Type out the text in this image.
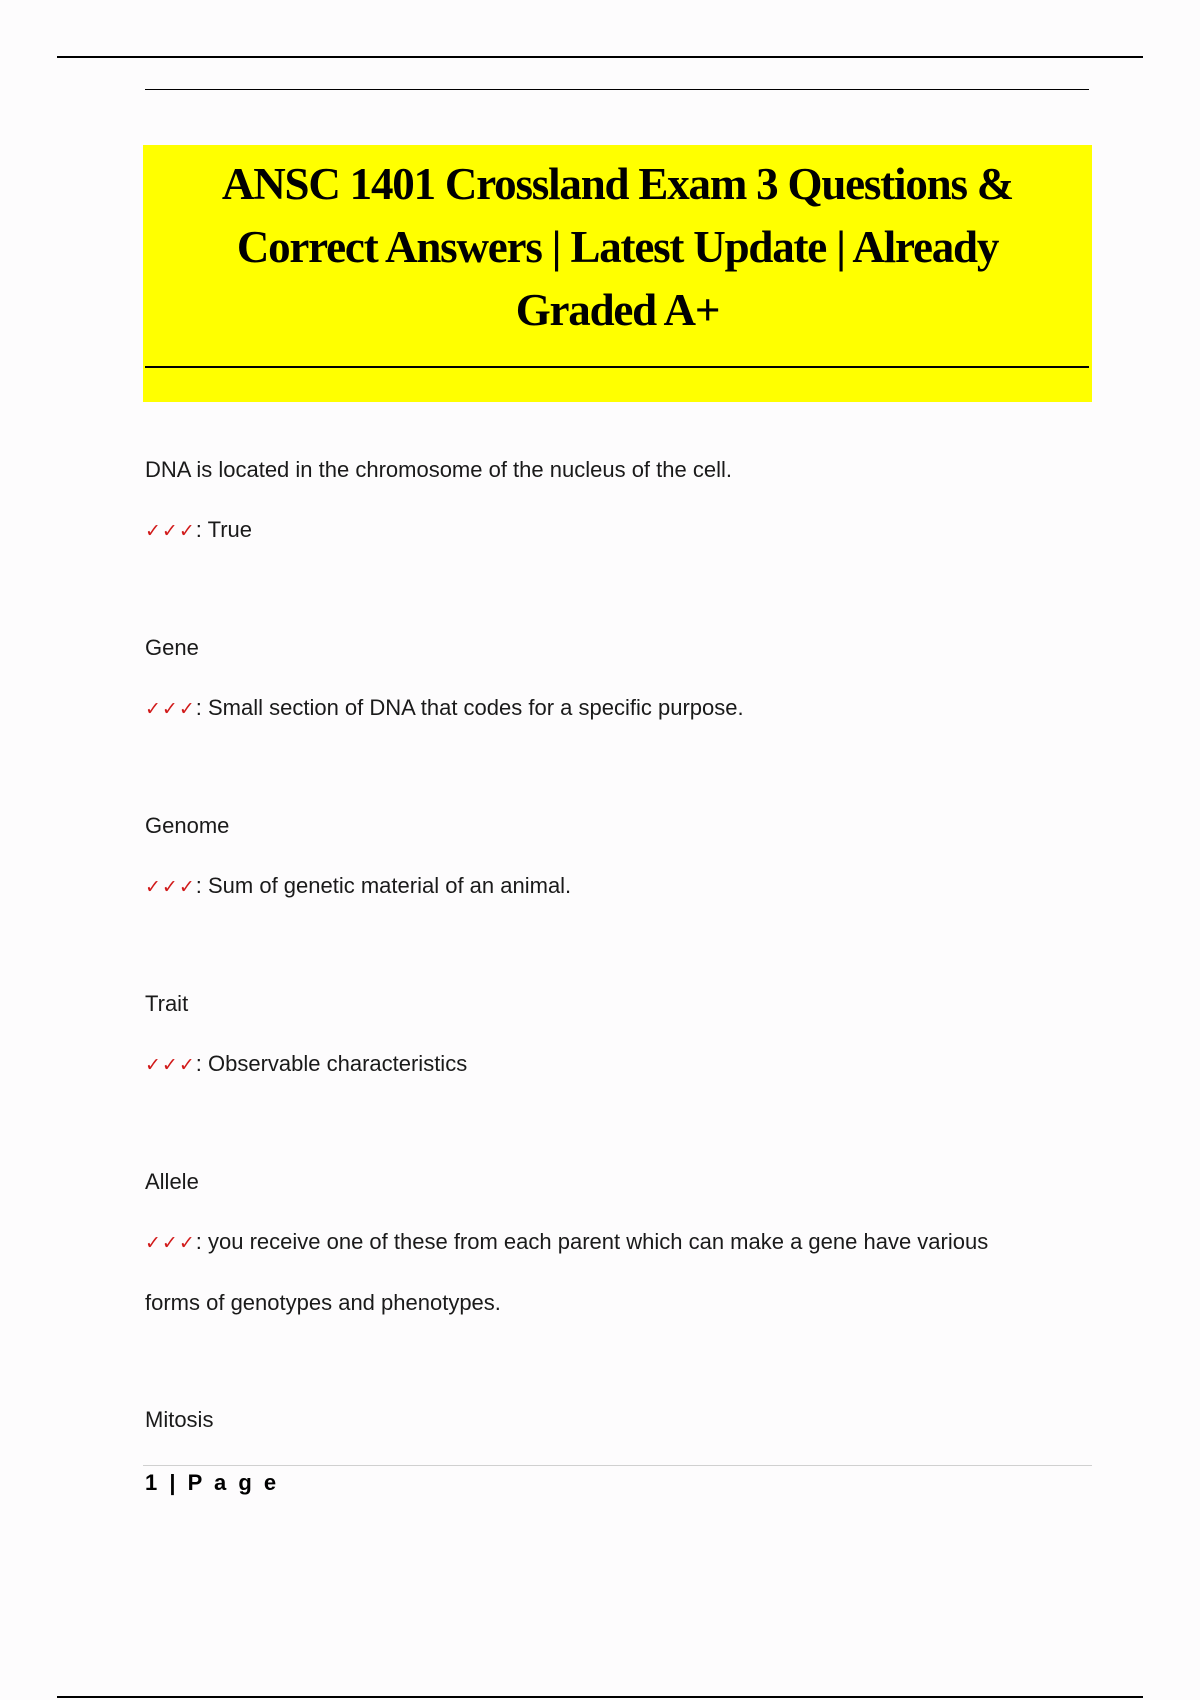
ANSC 1401 Crossland Exam 3 Questions & Correct Answers | Latest Update | Already Graded A+

DNA is located in the chromosome of the nucleus of the cell.

✓✓✓: True

Gene

✓✓✓: Small section of DNA that codes for a specific purpose.

Genome

✓✓✓: Sum of genetic material of an animal.

Trait

✓✓✓: Observable characteristics

Allele

✓✓✓: you receive one of these from each parent which can make a gene have various
forms of genotypes and phenotypes.

Mitosis

1 | P a g e
